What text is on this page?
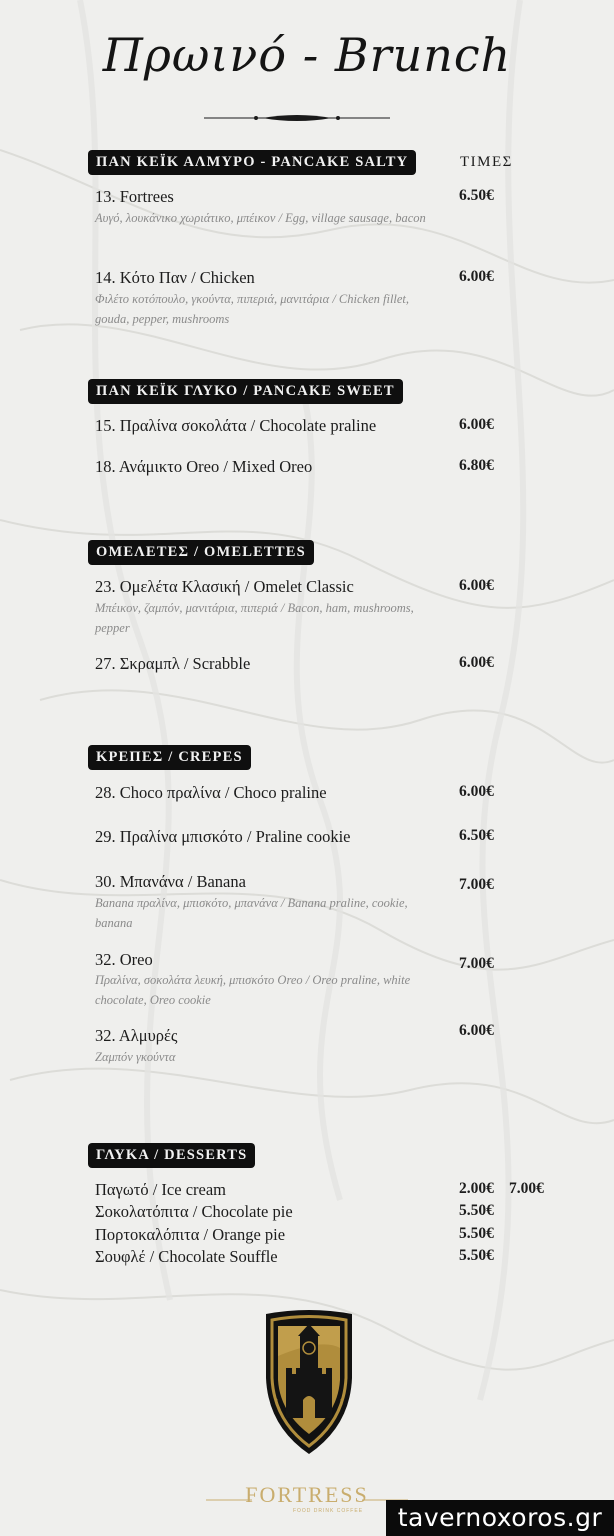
Πρωινό - Brunch
ΠΑΝ ΚΕΪΚ ΑΛΜΥΡΟ - PANCAKE SALTY	ΤΙΜΕΣ
13. Fortrees	6.50€
Αυγό, λουκάνικο χωριάτικο, μπέικον / Egg, village sausage, bacon
14. Κότο Παν / Chicken	6.00€
Φιλέτο κοτόπουλο, γκούντα, πιπεριά, μανιτάρια / Chicken fillet, gouda, pepper, mushrooms
ΠΑΝ ΚΕΪΚ ΓΛΥΚΟ / PANCAKE SWEET
15. Πραλίνα σοκολάτα / Chocolate praline	6.00€
18. Ανάμικτο Oreo / Mixed Oreo	6.80€
ΟΜΕΛΕΤΕΣ / OMELETTES
23. Ομελέτα Κλασική / Omelet Classic	6.00€
Μπέικον, ζαμπόν, μανιτάρια, πιπεριά / Bacon, ham, mushrooms, pepper
27. Σκραμπλ / Scrabble	6.00€
ΚΡΕΠΕΣ / CREPES
28. Choco πραλίνα / Choco praline	6.00€
29. Πραλίνα μπισκότο / Praline cookie	6.50€
30. Μπανάνα / Banana	7.00€
Banana πραλίνα, μπισκότο, μπανάνα / Banana praline, cookie, banana
32. Oreo	7.00€
Πραλίνα, σοκολάτα λευκή, μπισκότο Oreo / Oreo praline, white chocolate, Oreo cookie
32. Αλμυρές	6.00€
Ζαμπόν γκούντα
ΓΛΥΚΑ / DESSERTS
Παγωτό / Ice cream	2.00€ 7.00€
Σοκολατόπιτα / Chocolate pie	5.50€
Πορτοκαλόπιτα / Orange pie	5.50€
Σουφλέ / Chocolate Souffle	5.50€
FORTRESS
FOOD DRINK COFFEE	tavernoxoros.gr
